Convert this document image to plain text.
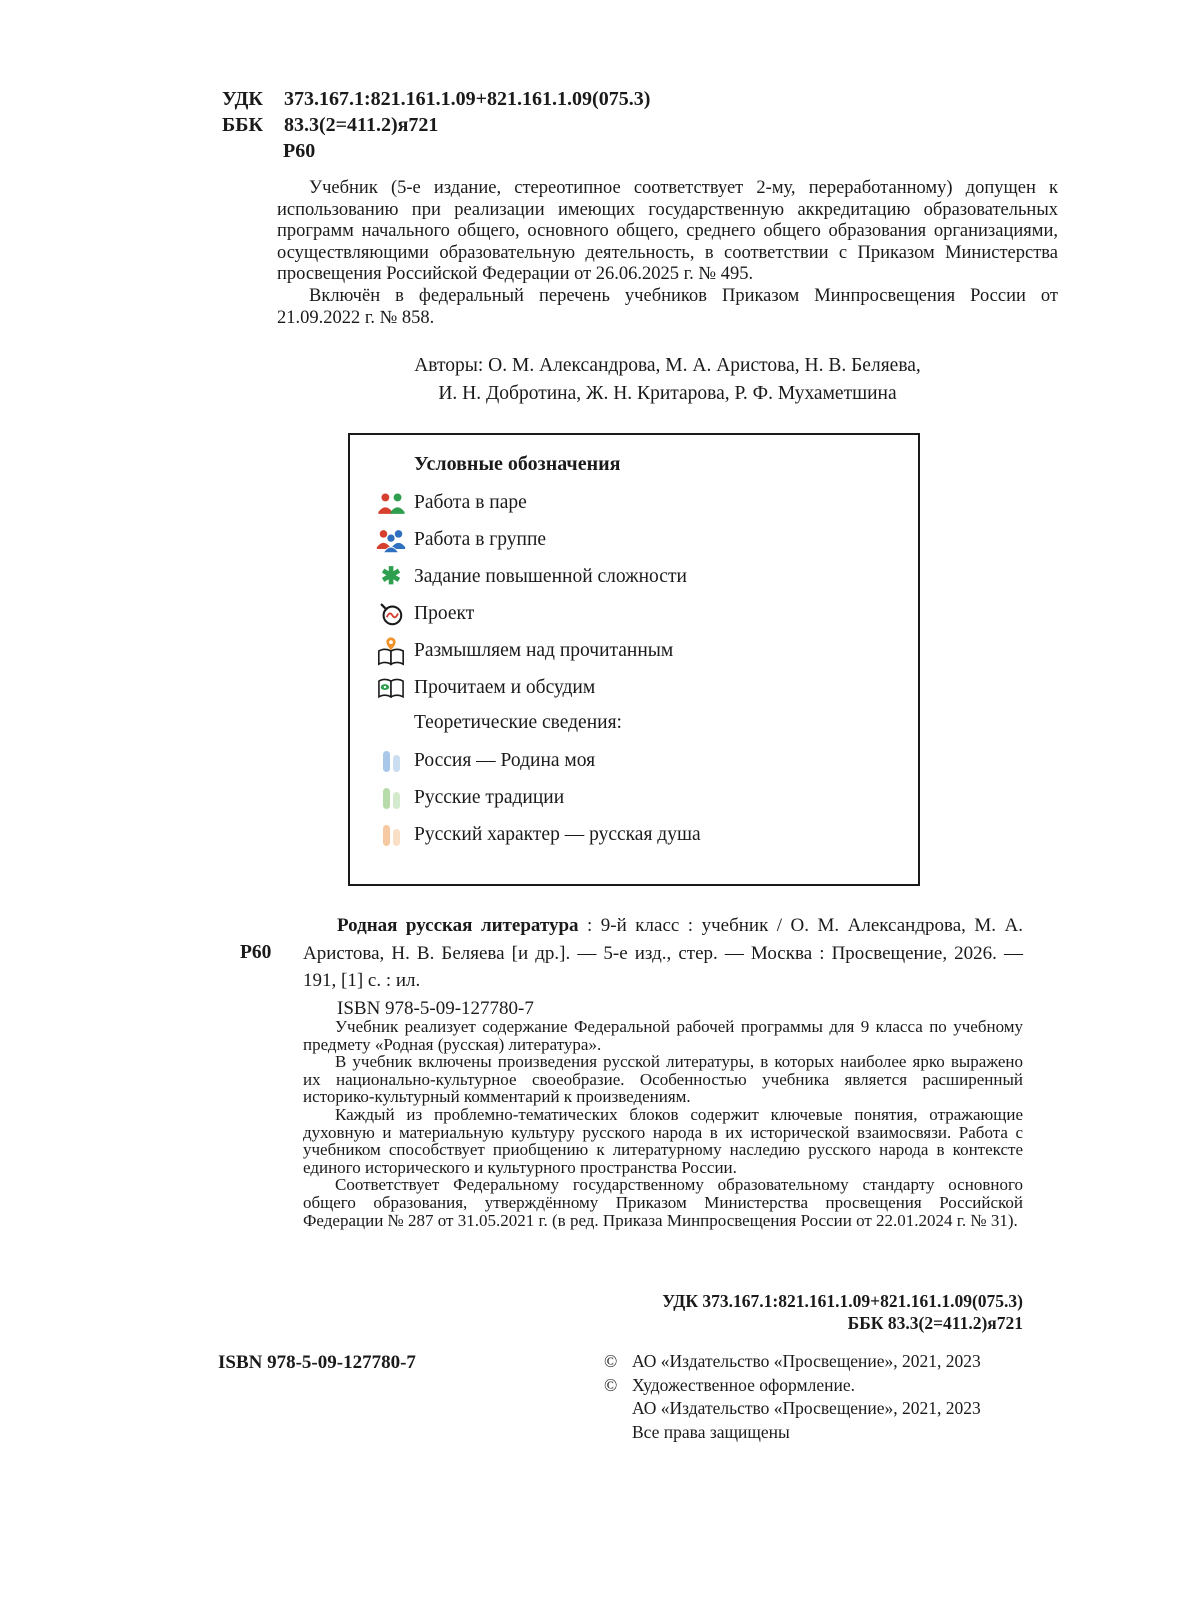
УДК 373.167.1:821.161.1.09+821.161.1.09(075.3)
ББК 83.3(2=411.2)я721
Р60

Учебник (5-е издание, стереотипное соответствует 2-му, переработанному) допущен к использованию при реализации имеющих государственную аккредитацию образовательных программ начального общего, основного общего, среднего общего образования организациями, осуществляющими образовательную деятельность, в соответствии с Приказом Министерства просвещения Российской Федерации от 26.06.2025 г. № 495.

Включён в федеральный перечень учебников Приказом Минпросвещения России от 21.09.2022 г. № 858.

Авторы: О. М. Александрова, М. А. Аристова, Н. В. Беляева,
И. Н. Добротина, Ж. Н. Критарова, Р. Ф. Мухаметшина
Условные обозначения
Работа в паре
Работа в группе
✱ Задание повышенной сложности
Проект
Размышляем над прочитанным
Прочитаем и обсудим

Теоретические сведения:

Россия — Родина моя
Русские традиции
Русский характер — русская душа
Р60

Родная русская литература : 9-й класс : учебник / О. М. Александрова, М. А. Аристова, Н. В. Беляева [и др.]. — 5-е изд., стер. — Москва : Просвещение, 2026. — 191, [1] с. : ил.

ISBN 978-5-09-127780-7

Учебник реализует содержание Федеральной рабочей программы для 9 класса по учебному предмету «Родная (русская) литература».

В учебник включены произведения русской литературы, в которых наиболее ярко выражено их национально-культурное своеобразие. Особенностью учебника является расширенный историко-культурный комментарий к произведениям.

Каждый из проблемно-тематических блоков содержит ключевые понятия, отражающие духовную и материальную культуру русского народа в их исторической взаимосвязи. Работа с учебником способствует приобщению к литературному наследию русского народа в контексте единого исторического и культурного пространства России.

Соответствует Федеральному государственному образовательному стандарту основного общего образования, утверждённому Приказом Министерства просвещения Российской Федерации № 287 от 31.05.2021 г. (в ред. Приказа Минпросвещения России от 22.01.2024 г. № 31).

УДК 373.167.1:821.161.1.09+821.161.1.09(075.3)
ББК 83.3(2=411.2)я721
ISBN 978-5-09-127780-7	© АО «Издательство «Просвещение», 2021, 2023
© Художественное оформление.
АО «Издательство «Просвещение», 2021, 2023
Все права защищены
